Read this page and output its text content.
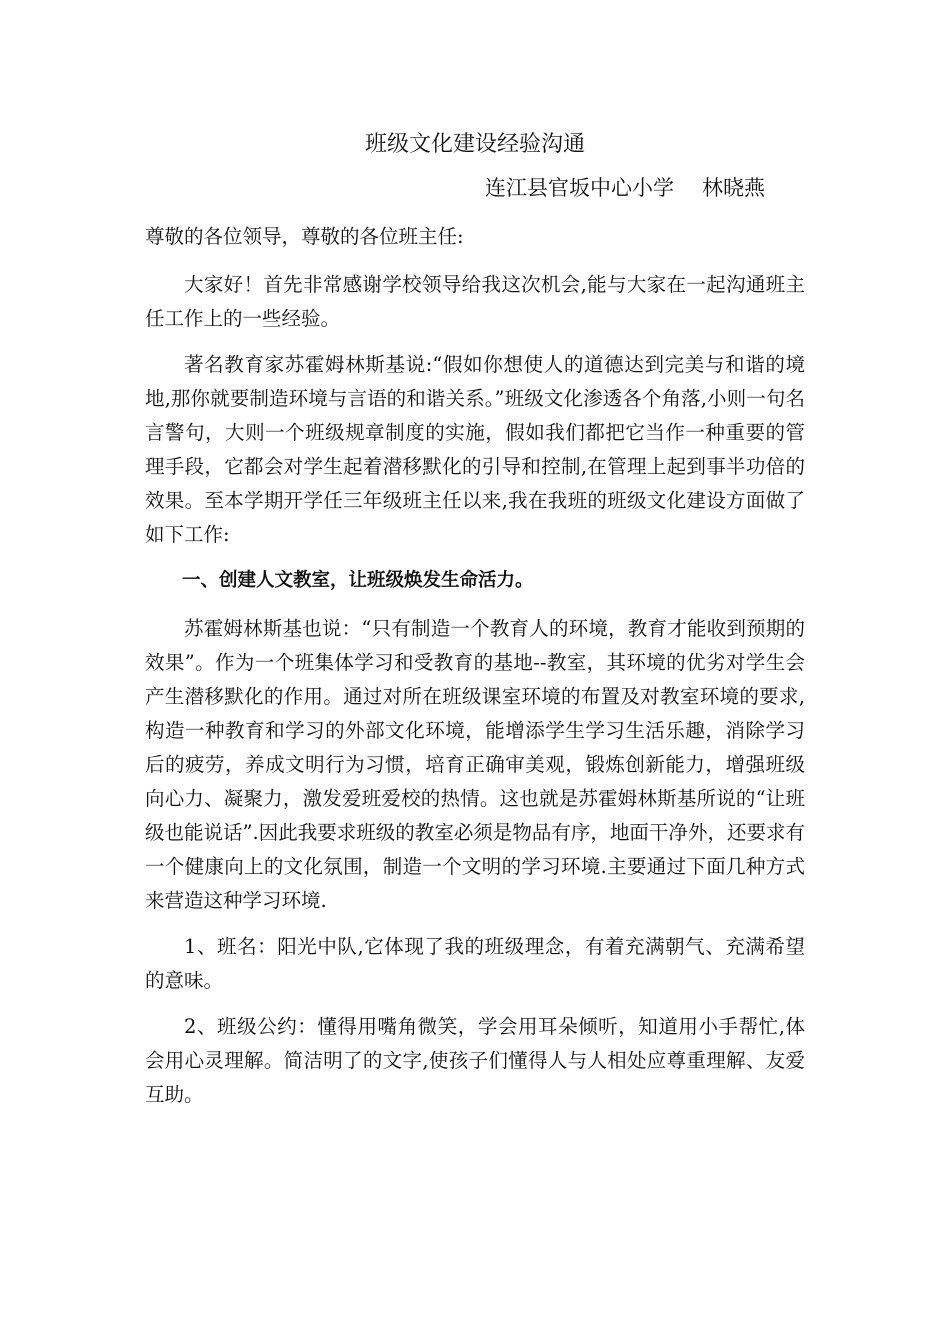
班级文化建设经验沟通
连江县官坂中心小学 林晓燕

尊敬的各位领导，尊敬的各位班主任:

大家好！首先非常感谢学校领导给我这次机会,能与大家在一起沟通班主任工作上的一些经验。

著名教育家苏霍姆林斯基说:“假如你想使人的道德达到完美与和谐的境地,那你就要制造环境与言语的和谐关系。”班级文化渗透各个角落,小则一句名言警句，大则一个班级规章制度的实施，假如我们都把它当作一种重要的管理手段，它都会对学生起着潜移默化的引导和控制,在管理上起到事半功倍的效果。至本学期开学任三年级班主任以来,我在我班的班级文化建设方面做了如下工作:

一、创建人文教室，让班级焕发生命活力。

苏霍姆林斯基也说：“只有制造一个教育人的环境，教育才能收到预期的效果”。作为一个班集体学习和受教育的基地--教室，其环境的优劣对学生会产生潜移默化的作用。通过对所在班级课室环境的布置及对教室环境的要求,构造一种教育和学习的外部文化环境，能增添学生学习生活乐趣，消除学习后的疲劳，养成文明行为习惯，培育正确审美观，锻炼创新能力，增强班级向心力、凝聚力，激发爱班爱校的热情。这也就是苏霍姆林斯基所说的“让班级也能说话”.因此我要求班级的教室必须是物品有序，地面干净外，还要求有一个健康向上的文化氛围，制造一个文明的学习环境.主要通过下面几种方式来营造这种学习环境.

1、班名：阳光中队,它体现了我的班级理念，有着充满朝气、充满希望的意味。

2、班级公约：懂得用嘴角微笑，学会用耳朵倾听，知道用小手帮忙,体会用心灵理解。简洁明了的文字,使孩子们懂得人与人相处应尊重理解、友爱互助。
